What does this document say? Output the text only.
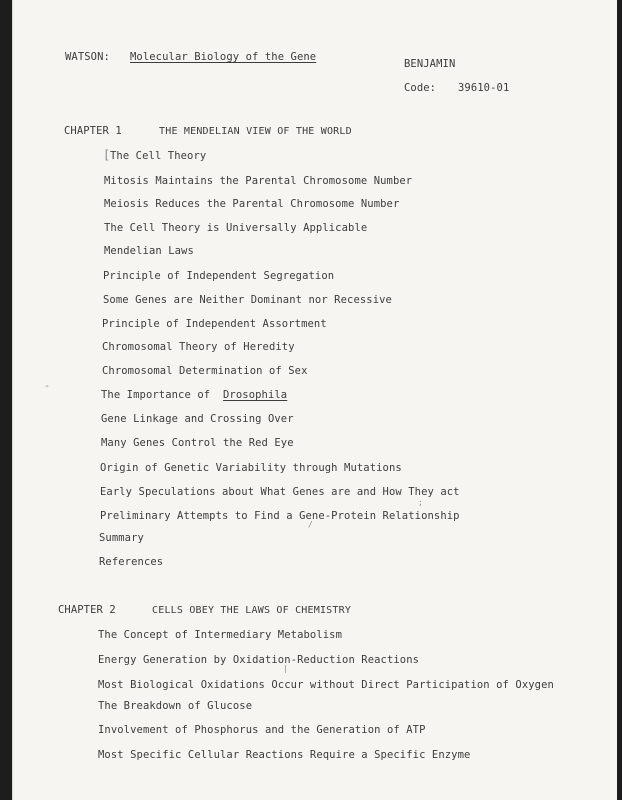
WATSON: Molecular Biology of the Gene
BENJAMIN
Code: 39610-01
CHAPTER 1	THE MENDELIAN VIEW OF THE WORLD
[ The Cell Theory
Mitosis Maintains the Parental Chromosome Number
Meiosis Reduces the Parental Chromosome Number
The Cell Theory is Universally Applicable
Mendelian Laws
Principle of Independent Segregation
Some Genes are Neither Dominant nor Recessive
Principle of Independent Assortment
Chromosomal Theory of Heredity
Chromosomal Determination of Sex
The Importance of Drosophila
Gene Linkage and Crossing Over
Many Genes Control the Red Eye
Origin of Genetic Variability through Mutations
Early Speculations about What Genes are and How They act
Preliminary Attempts to Find a Gene-Protein Relationship
Summary
References
CHAPTER 2	CELLS OBEY THE LAWS OF CHEMISTRY
The Concept of Intermediary Metabolism
Energy Generation by Oxidation-Reduction Reactions
Most Biological Oxidations Occur without Direct Participation of Oxygen
The Breakdown of Glucose
Involvement of Phosphorus and the Generation of ATP
Most Specific Cellular Reactions Require a Specific Enzyme
/
|
;
-
